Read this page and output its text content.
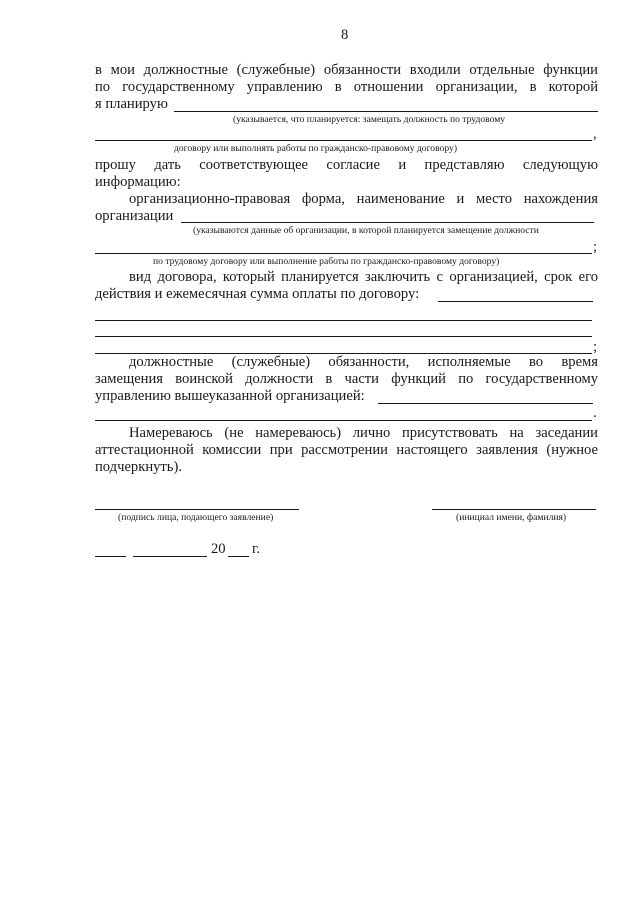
8
в мои должностные (служебные) обязанности входили отдельные функции
по государственному управлению в отношении организации, в которой
я планирую
(указывается, что планируется: замещать должность по трудовому
,
договору или выполнять работы по гражданско-правовому договору)
прошу дать соответствующее согласие и представляю следующую
информацию:
организационно-правовая форма, наименование и место нахождения
организации
(указываются данные об организации, в которой планируется замещение должности
;
по трудовому договору или выполнение работы по гражданско-правовому договору)
вид договора, который планируется заключить с организацией, срок его
действия и ежемесячная сумма оплаты по договору:
;
должностные (служебные) обязанности, исполняемые во время
замещения воинской должности в части функций по государственному
управлению вышеуказанной организацией:
.
Намереваюсь (не намереваюсь) лично присутствовать на заседании
аттестационной комиссии при рассмотрении настоящего заявления (нужное
подчеркнуть).
(подпись лица, подающего заявление)	(инициал имени, фамилия)
20 г.
